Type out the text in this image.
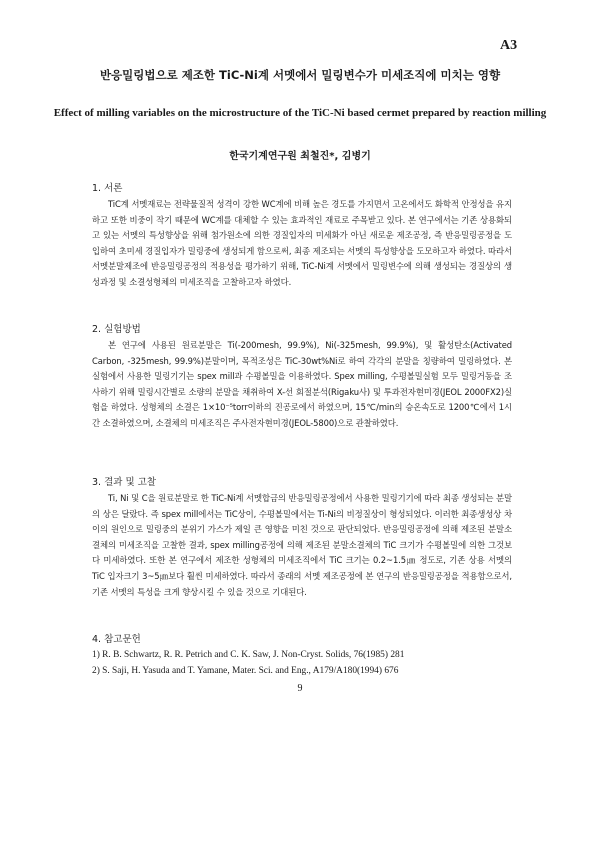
A3
반응밀링법으로 제조한 TiC-Ni계 서멧에서 밀링변수가 미세조직에 미치는 영향
Effect of milling variables on the microstructure of the TiC-Ni based cermet prepared by reaction milling
한국기계연구원 최철진*, 김병기

1. 서론

TiC계 서멧재료는 전략물질적 성격이 강한 WC계에 비해 높은 경도를 가지면서 고온에서도 화학적 안정성을 유지하고 또한 비중이 작기 때문에 WC계를 대체할 수 있는 효과적인 재료로 주목받고 있다. 본 연구에서는 기존 상용화되고 있는 서멧의 특성향상을 위해 첨가원소에 의한 경질입자의 미세화가 아닌 새로운 제조공정, 즉 반응밀링공정을 도입하여 초미세 경질입자가 밀링중에 생성되게 함으로써, 최종 제조되는 서멧의 특성향상을 도모하고자 하였다. 따라서 서멧분말제조에 반응밀링공정의 적용성을 평가하기 위해, TiC-Ni계 서멧에서 밀링변수에 의해 생성되는 경질상의 생성과정 및 소결성형체의 미세조직을 고찰하고자 하였다.

2. 실험방법

본 연구에 사용된 원료분말은 Ti(-200mesh, 99.9%), Ni(-325mesh, 99.9%), 및 활성탄소(Activated Carbon, -325mesh, 99.9%)분말이며, 목적조성은 TiC-30wt%Ni로 하여 각각의 분말을 칭량하여 밀링하였다. 본 실험에서 사용한 밀링기기는 spex mill과 수평볼밀을 이용하였다. Spex milling, 수평볼밀실험 모두 밀링거동을 조사하기 위해 밀링시간별로 소량의 분말을 채취하여 X-선 회절분석(Rigaku사) 및 투과전자현미경(JEOL 2000FX2)실험을 하였다. 성형체의 소결은 1×10⁻⁵torr이하의 진공로에서 하였으며, 15℃/min의 승온속도로 1200℃에서 1시간 소결하였으며, 소결체의 미세조직은 주사전자현미경(JEOL-5800)으로 관찰하였다.

3. 결과 및 고찰

Ti, Ni 및 C을 원료분말로 한 TiC-Ni계 서멧합금의 반응밀링공정에서 사용한 밀링기기에 따라 최종 생성되는 분말의 상은 달랐다. 즉 spex mill에서는 TiC상이, 수평볼밀에서는 Ti-Ni의 비정질상이 형성되었다. 이러한 최종생성상 차이의 원인으로 밀링중의 분위기 가스가 제일 큰 영향을 미친 것으로 판단되었다. 반응밀링공정에 의해 제조된 분말소결체의 미세조직을 고찰한 결과, spex milling공정에 의해 제조된 분말소결체의 TiC 크기가 수평볼밀에 의한 그것보다 미세하였다. 또한 본 연구에서 제조한 성형체의 미세조직에서 TiC 크기는 0.2~1.5㎛ 정도로, 기존 상용 서멧의 TiC 입자크기 3~5㎛보다 훨씬 미세하였다. 따라서 종래의 서멧 제조공정에 본 연구의 반응밀링공정을 적용함으로서, 기존 서멧의 특성을 크게 향상시킬 수 있을 것으로 기대된다.

4. 참고문헌

1) R. B. Schwartz, R. R. Petrich and C. K. Saw, J. Non-Cryst. Solids, 76(1985) 281
2) S. Saji, H. Yasuda and T. Yamane, Mater. Sci. and Eng., A179/A180(1994) 676
9
